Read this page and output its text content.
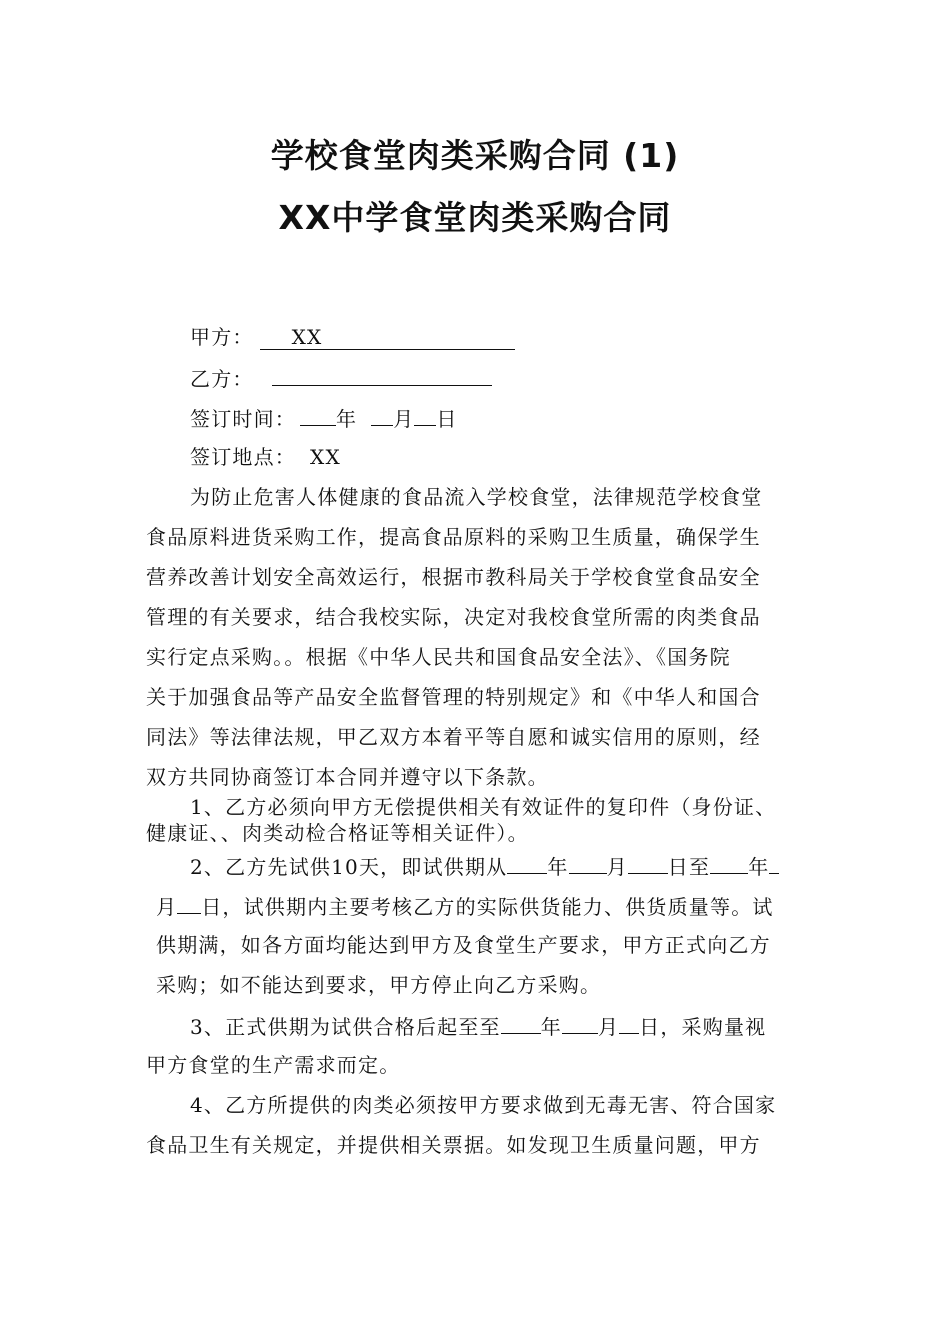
学校食堂肉类采购合同 (1)
XX中学食堂肉类采购合同
甲方： XX
乙方：
签订时间： 年 月 日
签订地点： XX
为防止危害人体健康的食品流入学校食堂，法律规范学校食堂
食品原料进货采购工作，提高食品原料的采购卫生质量，确保学生
营养改善计划安全高效运行，根据市教科局关于学校食堂食品安全
管理的有关要求，结合我校实际，决定对我校食堂所需的肉类食品
实行定点采购。。根据《中华人民共和国食品安全法》、《国务院
关于加强食品等产品安全监督管理的特别规定》和《中华人和国合
同法》等法律法规，甲乙双方本着平等自愿和诚实信用的原则，经
双方共同协商签订本合同并遵守以下条款。
1、乙方必须向甲方无偿提供相关有效证件的复印件（身份证、
健康证、、肉类动检合格证等相关证件）。
2、乙方先试供10天，即试供期从 年 月 日至 年
月 日，试供期内主要考核乙方的实际供货能力、供货质量等。试
供期满，如各方面均能达到甲方及食堂生产要求，甲方正式向乙方
采购；如不能达到要求，甲方停止向乙方采购。
3、正式供期为试供合格后起至至 年 月 日，采购量视
甲方食堂的生产需求而定。
4、乙方所提供的肉类必须按甲方要求做到无毒无害、符合国家
食品卫生有关规定，并提供相关票据。如发现卫生质量问题，甲方
